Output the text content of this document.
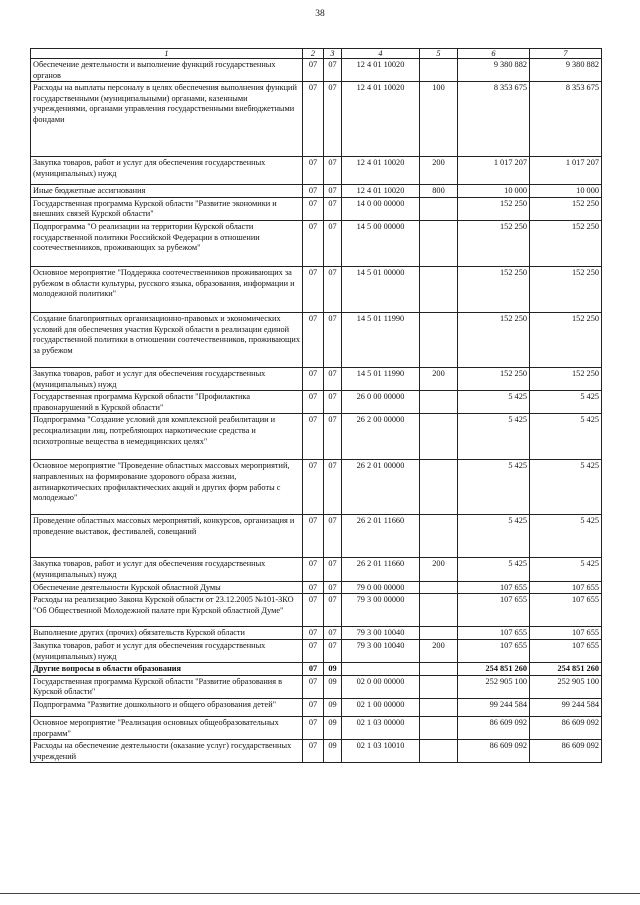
38
1	2	3	4	5	6	7
Обеспечение деятельности и выполнение функций государственных органов	07	07	12 4 01 10020		9 380 882	9 380 882
Расходы на выплаты персоналу в целях обеспечения выполнения функций государственными (муниципальными) органами, казенными учреждениями, органами управления государственными внебюджетными фондами	07	07	12 4 01 10020	100	8 353 675	8 353 675
Закупка товаров, работ и услуг для обеспечения государственных (муниципальных) нужд	07	07	12 4 01 10020	200	1 017 207	1 017 207
Иные бюджетные ассигнования	07	07	12 4 01 10020	800	10 000	10 000
Государственная программа Курской области "Развитие экономики и внешних связей Курской области"	07	07	14 0 00 00000		152 250	152 250
Подпрограмма "О реализации на территории Курской области государственной политики Российской Федерации в отношении соотечественников, проживающих за рубежом"	07	07	14 5 00 00000		152 250	152 250
Основное мероприятие "Поддержка соотечественников проживающих за рубежом в области культуры, русского языка, образования, информации и молодежной политики"	07	07	14 5 01 00000		152 250	152 250
Создание благоприятных организационно-правовых и экономических условий для обеспечения участия Курской области в реализации единой государственной политики в отношении соотечественников, проживающих за рубежом	07	07	14 5 01 11990		152 250	152 250
Закупка товаров, работ и услуг для обеспечения государственных (муниципальных) нужд	07	07	14 5 01 11990	200	152 250	152 250
Государственная программа Курской области "Профилактика правонарушений в Курской области"	07	07	26 0 00 00000		5 425	5 425
Подпрограмма "Создание условий для комплексной реабилитации и ресоциализации лиц, потребляющих наркотические средства и психотропные вещества в немедицинских целях"	07	07	26 2 00 00000		5 425	5 425
Основное мероприятие "Проведение областных массовых мероприятий, направленных на формирование здорового образа жизни, антинаркотических профилактических акций и других форм работы с молодежью"	07	07	26 2 01 00000		5 425	5 425
Проведение областных массовых мероприятий, конкурсов, организация и проведение выставок, фестивалей, совещаний	07	07	26 2 01 11660		5 425	5 425
Закупка товаров, работ и услуг для обеспечения государственных (муниципальных) нужд	07	07	26 2 01 11660	200	5 425	5 425
Обеспечение деятельности Курской областной Думы	07	07	79 0 00 00000		107 655	107 655
Расходы на реализацию Закона Курской области от 23.12.2005 №101-ЗКО "Об Общественной Молодежной палате при Курской областной Думе"	07	07	79 3 00 00000		107 655	107 655
Выполнение других (прочих) обязательств Курской области	07	07	79 3 00 10040		107 655	107 655
Закупка товаров, работ и услуг для обеспечения государственных (муниципальных) нужд	07	07	79 3 00 10040	200	107 655	107 655
Другие вопросы в области образования	07	09			254 851 260	254 851 260
Государственная программа Курской области "Развитие образования в Курской области"	07	09	02 0 00 00000		252 905 100	252 905 100
Подпрограмма "Развитие дошкольного и общего образования детей"	07	09	02 1 00 00000		99 244 584	99 244 584
Основное мероприятие "Реализация основных общеобразовательных программ"	07	09	02 1 03 00000		86 609 092	86 609 092
Расходы на обеспечение деятельности (оказание услуг) государственных учреждений	07	09	02 1 03 10010		86 609 092	86 609 092
